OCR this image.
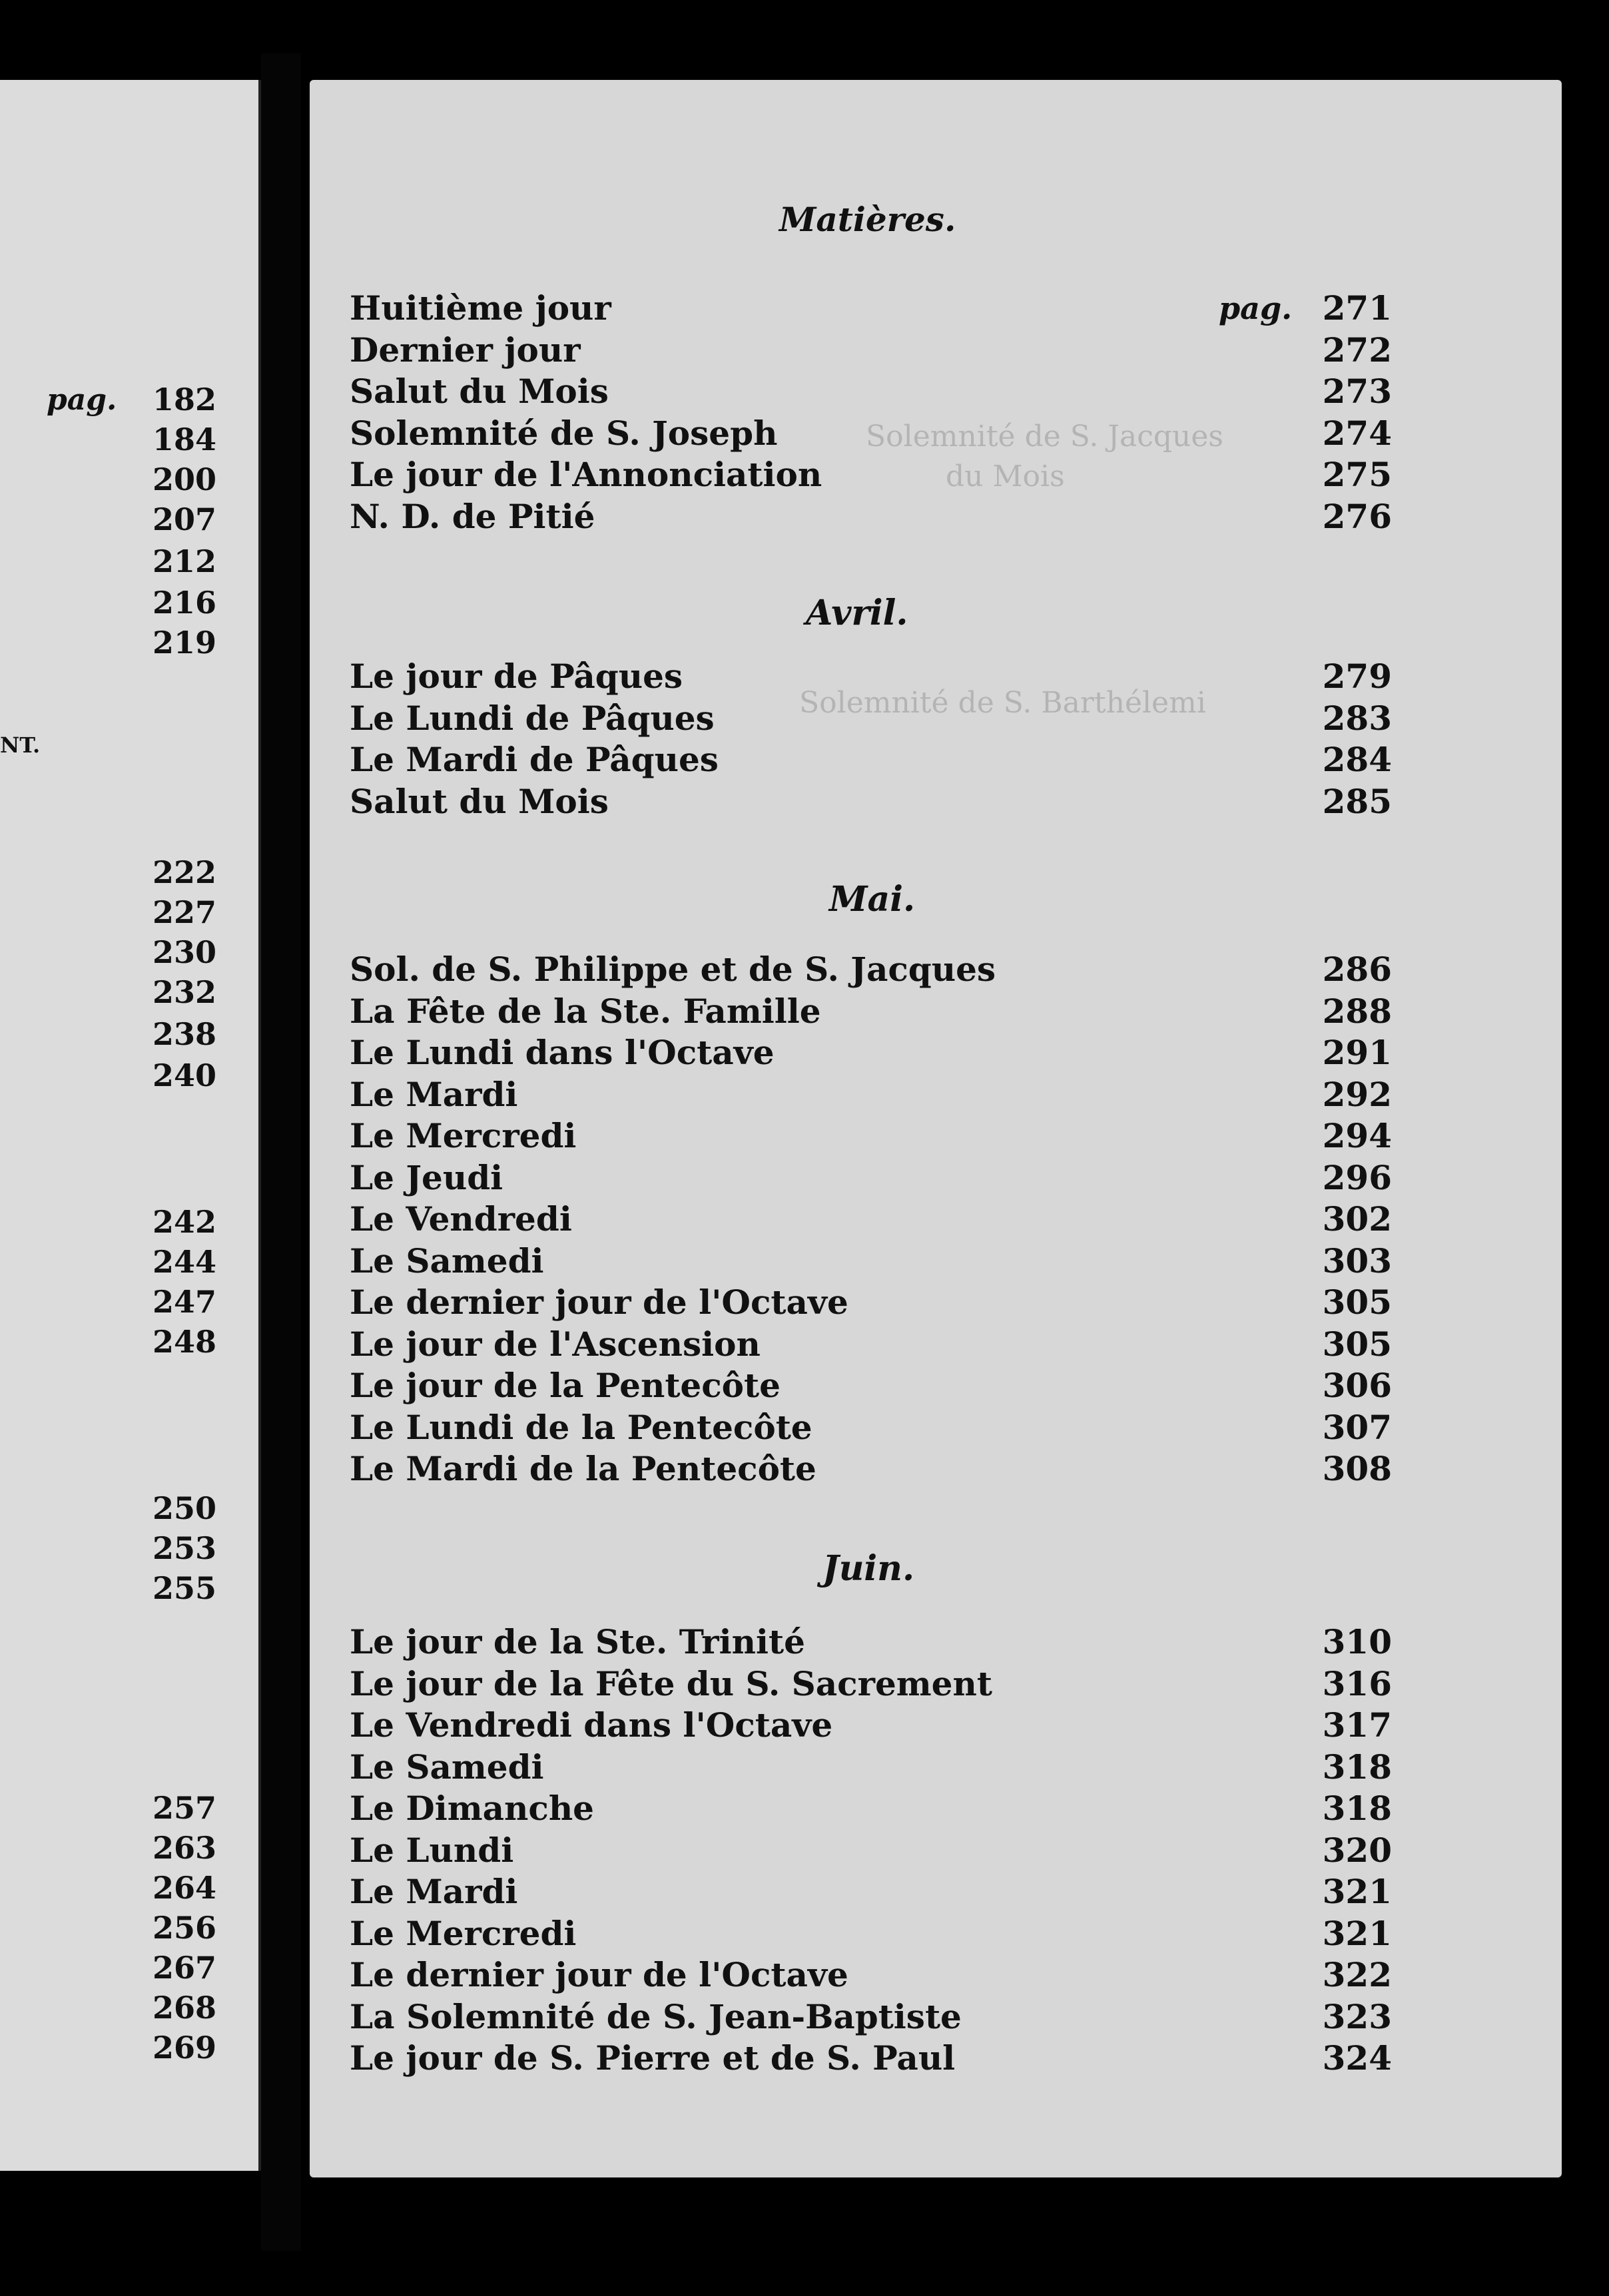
Solemnité de S. Jacques
du Mois
Solemnité de S. Barthélemi
182
184
200
207
212
216
219
222
227
230
232
238
240
242
244
247
248
250
253
255
257
263
264
256
267
268
269
pag.
NT.
Matières.
Huitième jour	pag. 271
Dernier jour	272
Salut du Mois	273
Solemnité de S. Joseph	274
Le jour de l'Annonciation	275
N. D. de Pitié	276
Avril.
Le jour de Pâques	279
Le Lundi de Pâques	283
Le Mardi de Pâques	284
Salut du Mois	285
Mai.
Sol. de S. Philippe et de S. Jacques	286
La Fête de la Ste. Famille	288
Le Lundi dans l'Octave	291
Le Mardi	292
Le Mercredi	294
Le Jeudi	296
Le Vendredi	302
Le Samedi	303
Le dernier jour de l'Octave	305
Le jour de l'Ascension	305
Le jour de la Pentecôte	306
Le Lundi de la Pentecôte	307
Le Mardi de la Pentecôte	308
Juin.
Le jour de la Ste. Trinité	310
Le jour de la Fête du S. Sacrement	316
Le Vendredi dans l'Octave	317
Le Samedi	318
Le Dimanche	318
Le Lundi	320
Le Mardi	321
Le Mercredi	321
Le dernier jour de l'Octave	322
La Solemnité de S. Jean-Baptiste	323
Le jour de S. Pierre et de S. Paul	324
